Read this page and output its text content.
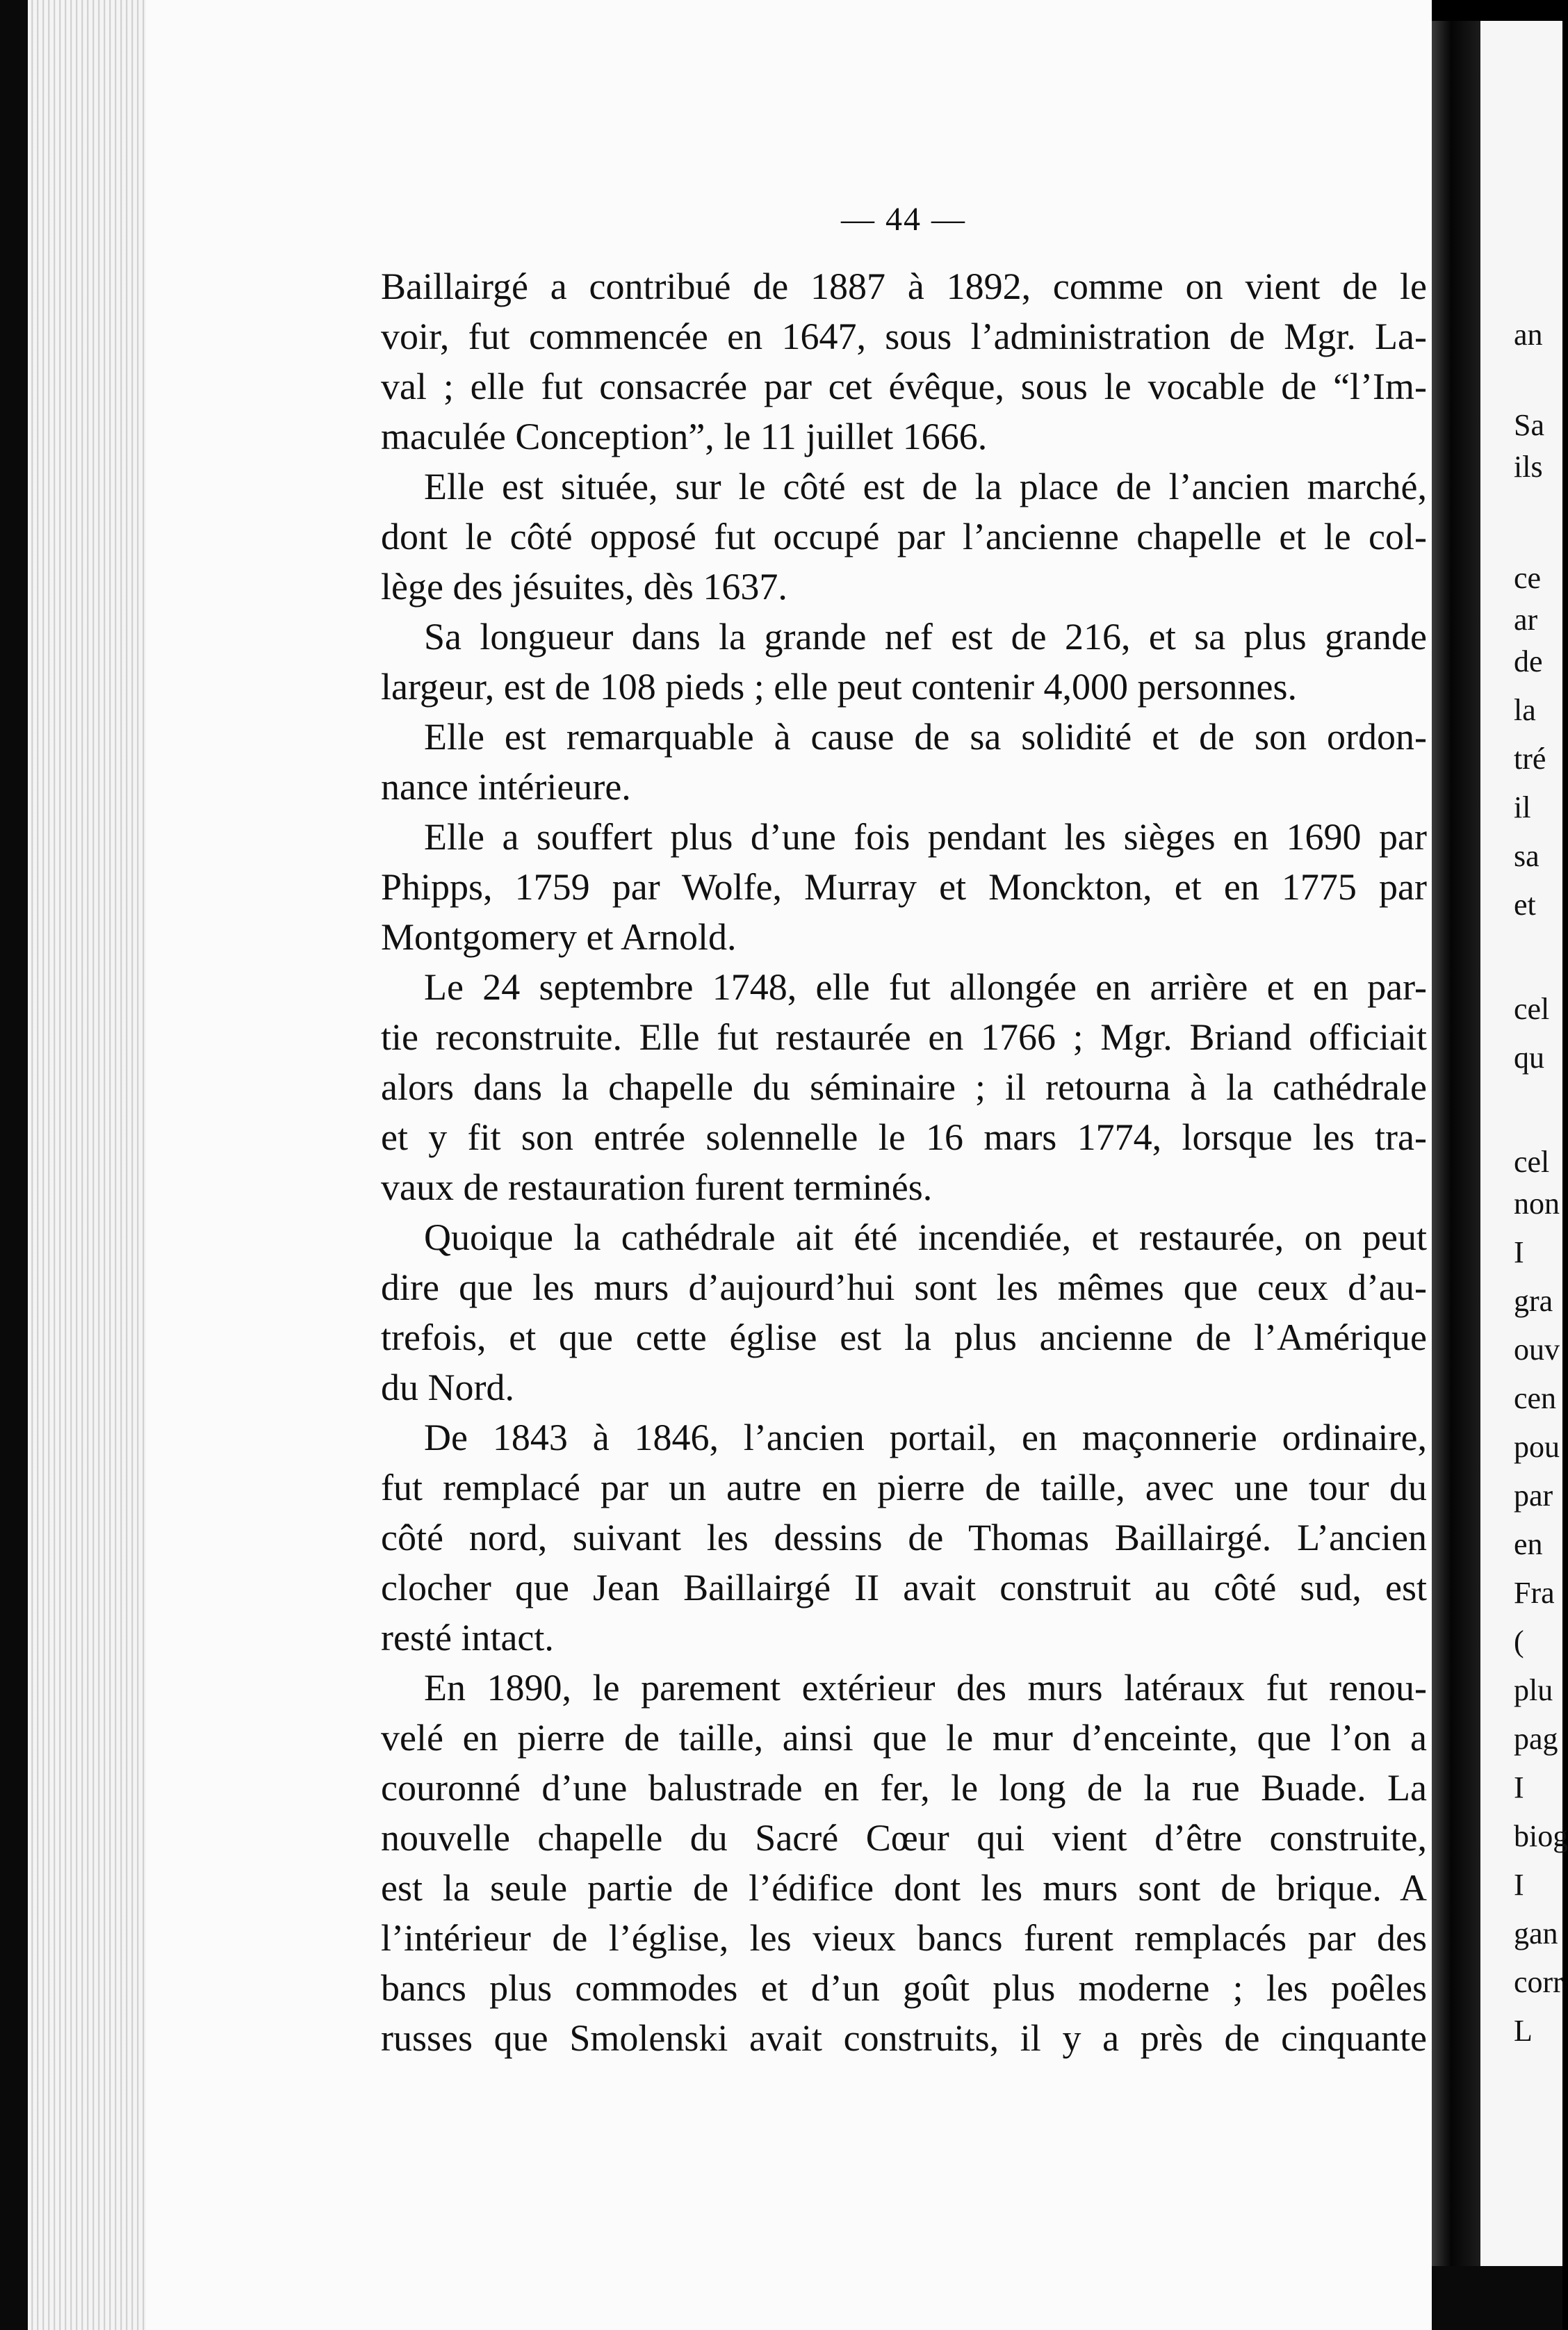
— 44 —
Baillairgé a contribué de 1887 à 1892, comme on vient de le
voir, fut commencée en 1647, sous l’administration de Mgr. La-
val ; elle fut consacrée par cet évêque, sous le vocable de “l’Im-
maculée Conception”, le 11 juillet 1666.
Elle est située, sur le côté est de la place de l’ancien marché,
dont le côté opposé fut occupé par l’ancienne chapelle et le col-
lège des jésuites, dès 1637.
Sa longueur dans la grande nef est de 216, et sa plus grande
largeur, est de 108 pieds ; elle peut contenir 4,000 personnes.
Elle est remarquable à cause de sa solidité et de son ordon-
nance intérieure.
Elle a souffert plus d’une fois pendant les sièges en 1690 par
Phipps, 1759 par Wolfe, Murray et Monckton, et en 1775 par
Montgomery et Arnold.
Le 24 septembre 1748, elle fut allongée en arrière et en par-
tie reconstruite. Elle fut restaurée en 1766 ; Mgr. Briand officiait
alors dans la chapelle du séminaire ; il retourna à la cathédrale
et y fit son entrée solennelle le 16 mars 1774, lorsque les tra-
vaux de restauration furent terminés.
Quoique la cathédrale ait été incendiée, et restaurée, on peut
dire que les murs d’aujourd’hui sont les mêmes que ceux d’au-
trefois, et que cette église est la plus ancienne de l’Amérique
du Nord.
De 1843 à 1846, l’ancien portail, en maçonnerie ordinaire,
fut remplacé par un autre en pierre de taille, avec une tour du
côté nord, suivant les dessins de Thomas Baillairgé. L’ancien
clocher que Jean Baillairgé II avait construit au côté sud, est
resté intact.
En 1890, le parement extérieur des murs latéraux fut renou-
velé en pierre de taille, ainsi que le mur d’enceinte, que l’on a
couronné d’une balustrade en fer, le long de la rue Buade. La
nouvelle chapelle du Sacré Cœur qui vient d’être construite,
est la seule partie de l’édifice dont les murs sont de brique. A
l’intérieur de l’église, les vieux bancs furent remplacés par des
bancs plus commodes et d’un goût plus moderne ; les poêles
russes que Smolenski avait construits, il y a près de cinquante
an
Sa
ils
ce
ar
de
la
tré
il
sa
et
cel
qu
cel
non
I
gra
ouv
cen
pou
par
en
Fra
(
plu
pag
I
biog
I
gan
corr
L
